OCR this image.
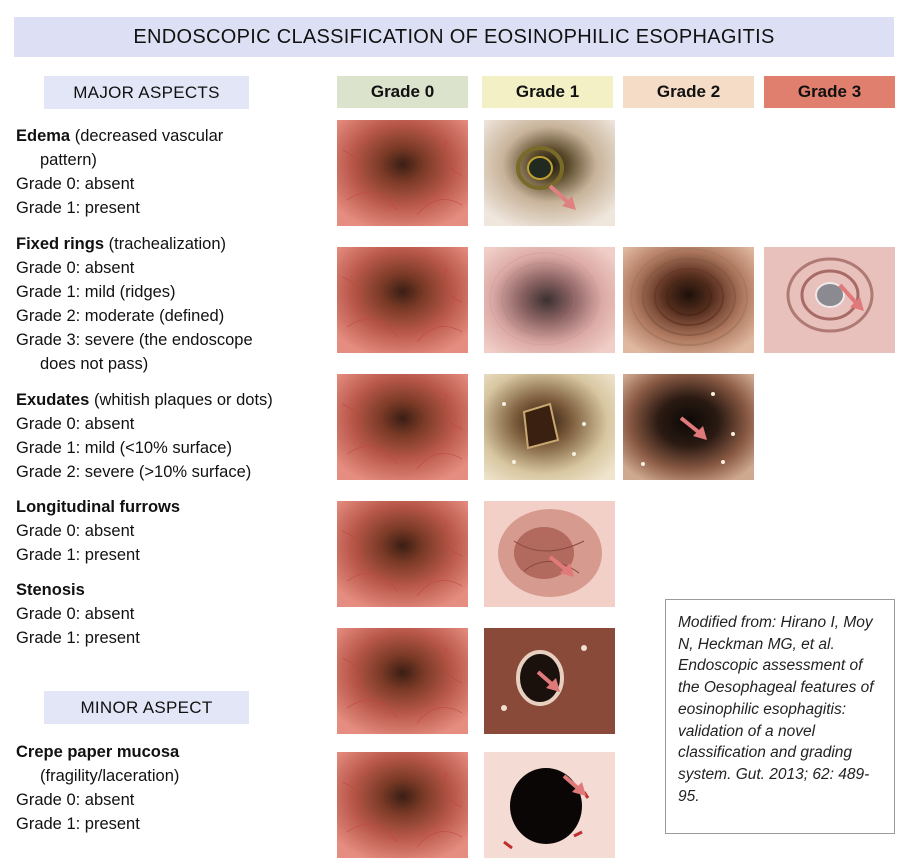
ENDOSCOPIC CLASSIFICATION OF EOSINOPHILIC ESOPHAGITIS
MAJOR ASPECTS
MINOR ASPECT
Grade 0	Grade 1	Grade 2	Grade 3
Edema (decreased vascular
pattern)
Grade 0: absent
Grade 1: present
Fixed rings (trachealization)
Grade 0: absent
Grade 1: mild (ridges)
Grade 2: moderate (defined)
Grade 3: severe (the endoscope
does not pass)
Exudates (whitish plaques or dots)
Grade 0: absent
Grade 1: mild (<10% surface)
Grade 2: severe (>10% surface)
Longitudinal furrows
Grade 0: absent
Grade 1: present
Stenosis
Grade 0: absent
Grade 1: present
Crepe paper mucosa
(fragility/laceration)
Grade 0: absent
Grade 1: present
Modified from: Hirano I, Moy N, Heckman MG, et al. Endoscopic assessment of the Oesophageal features of eosinophilic esophagitis: validation of a novel classification and grading system. Gut. 2013; 62: 489-95.
